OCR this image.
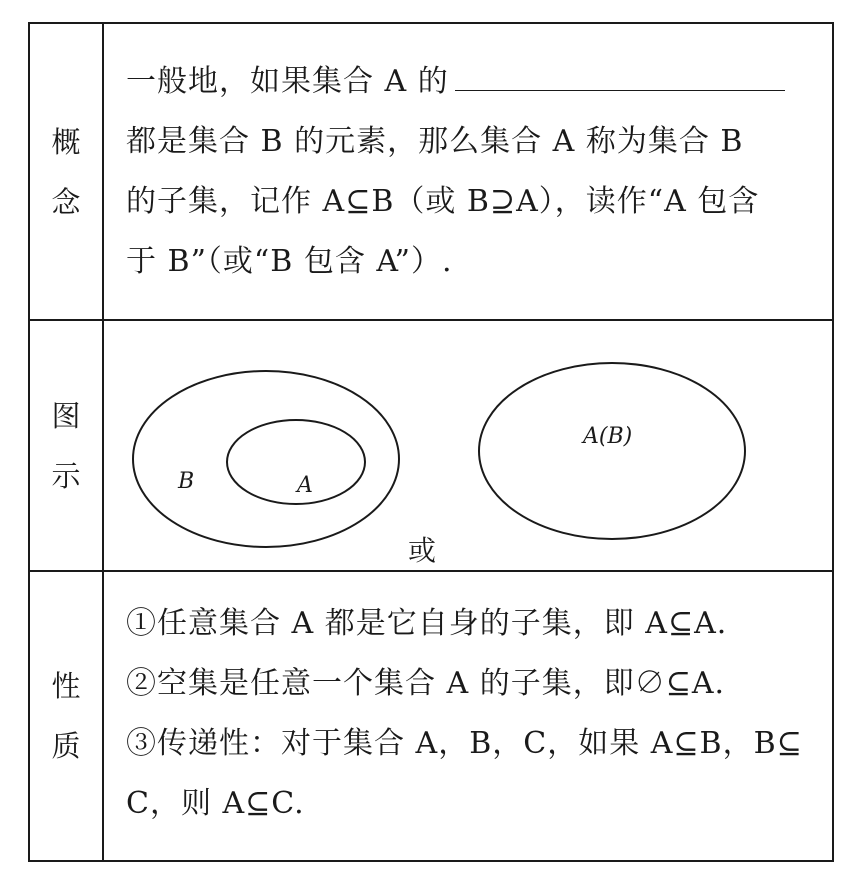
概
念
一般地，如果集合 A 的
都是集合 B 的元素，那么集合 A 称为集合 B
的子集，记作 A⊆B（或 B⊇A），读作“A 包含
于 B”（或“B 包含 A”）.
图
示	B	A
或
A(B)
性
质
①任意集合 A 都是它自身的子集，即 A⊆A.
②空集是任意一个集合 A 的子集，即∅⊆A.
③传递性：对于集合 A，B，C，如果 A⊆B，B⊆
C，则 A⊆C.
